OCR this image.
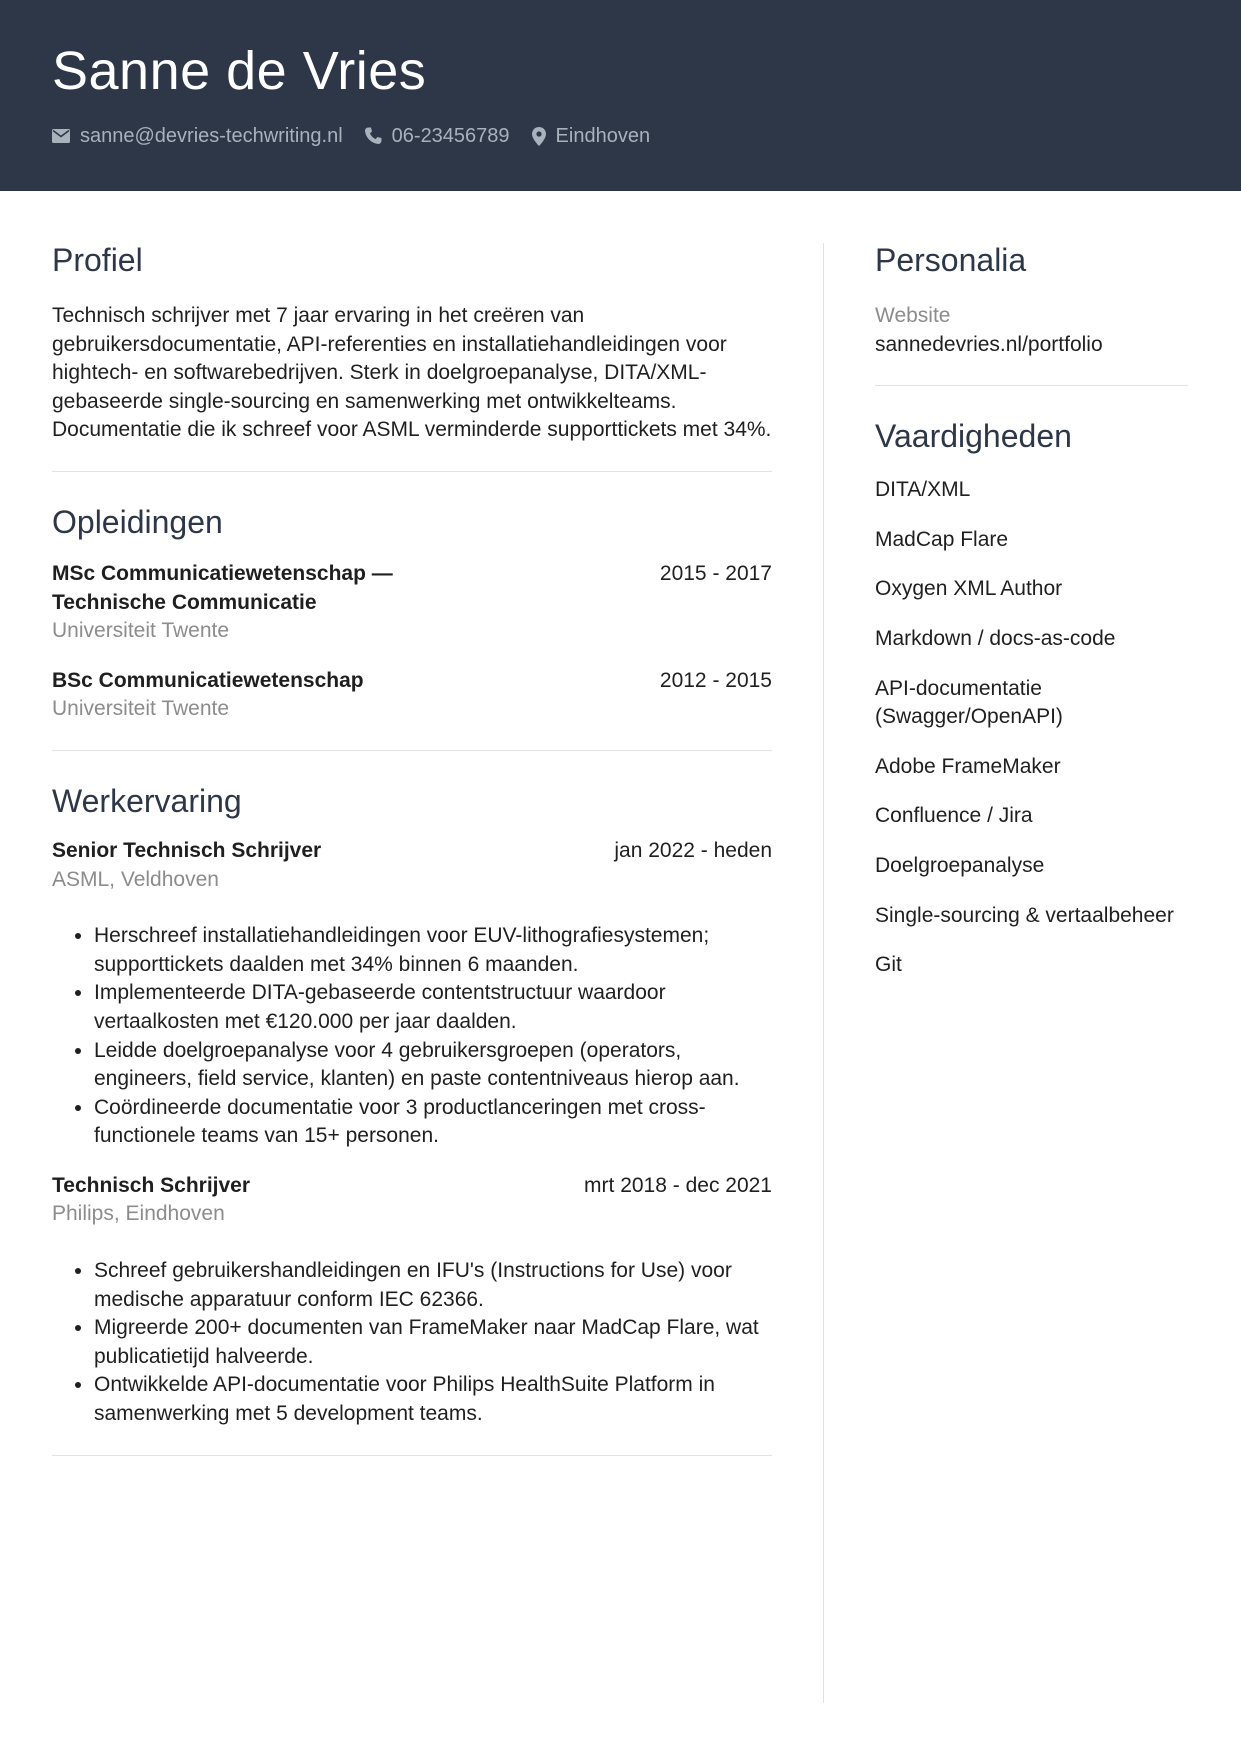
Sanne de Vries
sanne@devries-techwriting.nl 06-23456789 Eindhoven
Profiel
Technisch schrijver met 7 jaar ervaring in het creëren van gebruikersdocumentatie, API-referenties en installatiehandleidingen voor hightech- en softwarebedrijven. Sterk in doelgroepanalyse, DITA/XML-gebaseerde single-sourcing en samenwerking met ontwikkelteams. Documentatie die ik schreef voor ASML verminderde supporttickets met 34%.
Opleidingen
MSc Communicatiewetenschap —
Technische Communicatie
2015 - 2017
Universiteit Twente
BSc Communicatiewetenschap	2012 - 2015
Universiteit Twente
Werkervaring
Senior Technisch Schrijver	jan 2022 - heden
ASML, Veldhoven
• Herschreef installatiehandleidingen voor EUV-lithografiesystemen; supporttickets daalden met 34% binnen 6 maanden.
• Implementeerde DITA-gebaseerde contentstructuur waardoor vertaalkosten met €120.000 per jaar daalden.
• Leidde doelgroepanalyse voor 4 gebruikersgroepen (operators, engineers, field service, klanten) en paste contentniveaus hierop aan.
• Coördineerde documentatie voor 3 productlanceringen met cross-functionele teams van 15+ personen.
Technisch Schrijver	mrt 2018 - dec 2021
Philips, Eindhoven
• Schreef gebruikershandleidingen en IFU's (Instructions for Use) voor medische apparatuur conform IEC 62366.
• Migreerde 200+ documenten van FrameMaker naar MadCap Flare, wat publicatietijd halveerde.
• Ontwikkelde API-documentatie voor Philips HealthSuite Platform in samenwerking met 5 development teams.
Personalia
Website
sannedevries.nl/portfolio
Vaardigheden
DITA/XML
MadCap Flare
Oxygen XML Author
Markdown / docs-as-code
API-documentatie (Swagger/OpenAPI)
Adobe FrameMaker
Confluence / Jira
Doelgroepanalyse
Single-sourcing & vertaalbeheer
Git
